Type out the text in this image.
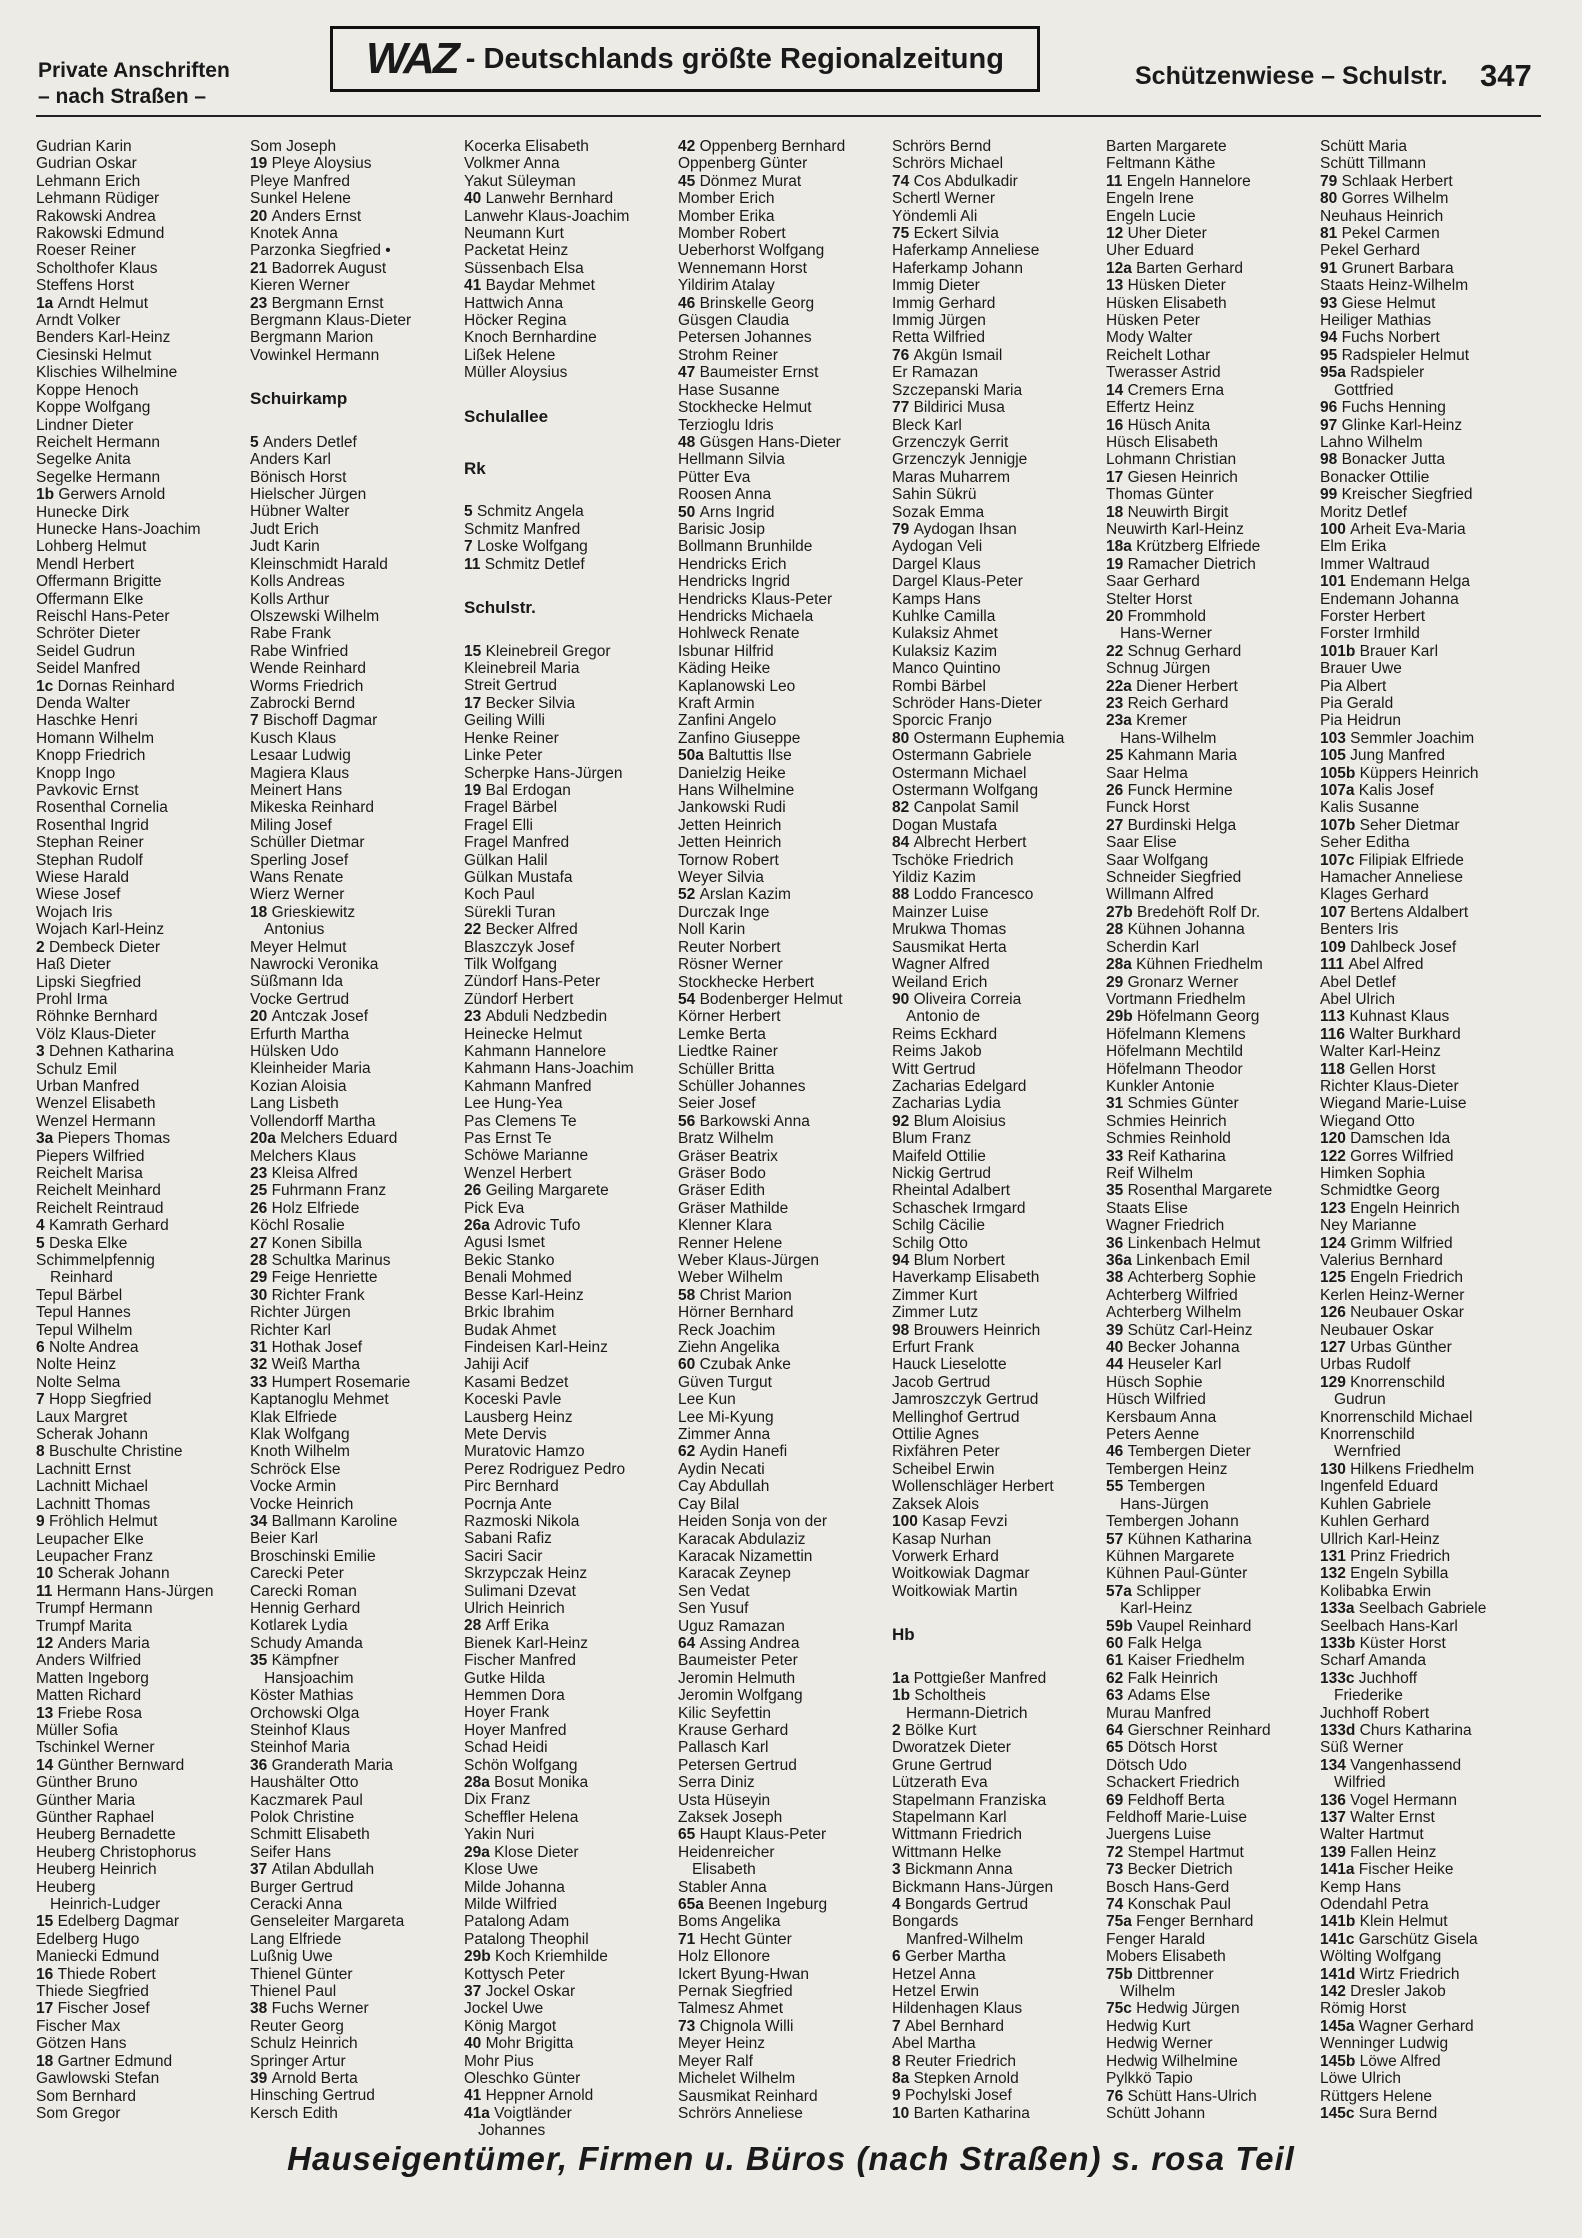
Private Anschriften
– nach Straßen –
WAZ - Deutschlands größte Regionalzeitung
Schützenwiese – Schulstr. 347
Gudrian Karin
Gudrian Oskar
Lehmann Erich
Lehmann Rüdiger
Rakowski Andrea
Rakowski Edmund
Roeser Reiner
Scholthofer Klaus
Steffens Horst
1a Arndt Helmut
Arndt Volker
Benders Karl-Heinz
Ciesinski Helmut
Klischies Wilhelmine
Koppe Henoch
Koppe Wolfgang
Lindner Dieter
Reichelt Hermann
Segelke Anita
Segelke Hermann
1b Gerwers Arnold
Hunecke Dirk
Hunecke Hans-Joachim
Lohberg Helmut
Mendl Herbert
Offermann Brigitte
Offermann Elke
Reischl Hans-Peter
Schröter Dieter
Seidel Gudrun
Seidel Manfred
1c Dornas Reinhard
Denda Walter
Haschke Henri
Homann Wilhelm
Knopp Friedrich
Knopp Ingo
Pavkovic Ernst
Rosenthal Cornelia
Rosenthal Ingrid
Stephan Reiner
Stephan Rudolf
Wiese Harald
Wiese Josef
Wojach Iris
Wojach Karl-Heinz
2 Dembeck Dieter
Haß Dieter
Lipski Siegfried
Prohl Irma
Röhnke Bernhard
Völz Klaus-Dieter
3 Dehnen Katharina
Schulz Emil
Urban Manfred
Wenzel Elisabeth
Wenzel Hermann
3a Piepers Thomas
Piepers Wilfried
Reichelt Marisa
Reichelt Meinhard
Reichelt Reintraud
4 Kamrath Gerhard
5 Deska Elke
Schimmelpfennig
Reinhard
Tepul Bärbel
Tepul Hannes
Tepul Wilhelm
6 Nolte Andrea
Nolte Heinz
Nolte Selma
7 Hopp Siegfried
Laux Margret
Scherak Johann
8 Buschulte Christine
Lachnitt Ernst
Lachnitt Michael
Lachnitt Thomas
9 Fröhlich Helmut
Leupacher Elke
Leupacher Franz
10 Scherak Johann
11 Hermann Hans-Jürgen
Trumpf Hermann
Trumpf Marita
12 Anders Maria
Anders Wilfried
Matten Ingeborg
Matten Richard
13 Friebe Rosa
Müller Sofia
Tschinkel Werner
14 Günther Bernward
Günther Bruno
Günther Maria
Günther Raphael
Heuberg Bernadette
Heuberg Christophorus
Heuberg Heinrich
Heuberg
Heinrich-Ludger
15 Edelberg Dagmar
Edelberg Hugo
Maniecki Edmund
16 Thiede Robert
Thiede Siegfried
17 Fischer Josef
Fischer Max
Götzen Hans
18 Gartner Edmund
Gawlowski Stefan
Som Bernhard
Som Gregor
Som Joseph
19 Pleye Aloysius
Pleye Manfred
Sunkel Helene
20 Anders Ernst
Knotek Anna
Parzonka Siegfried •
21 Badorrek August
Kieren Werner
23 Bergmann Ernst
Bergmann Klaus-Dieter
Bergmann Marion
Vowinkel Hermann
Schuirkamp
5 Anders Detlef
Anders Karl
Bönisch Horst
Hielscher Jürgen
Hübner Walter
Judt Erich
Judt Karin
Kleinschmidt Harald
Kolls Andreas
Kolls Arthur
Olszewski Wilhelm
Rabe Frank
Rabe Winfried
Wende Reinhard
Worms Friedrich
Zabrocki Bernd
7 Bischoff Dagmar
Kusch Klaus
Lesaar Ludwig
Magiera Klaus
Meinert Hans
Mikeska Reinhard
Miling Josef
Schüller Dietmar
Sperling Josef
Wans Renate
Wierz Werner
18 Grieskiewitz
Antonius
Meyer Helmut
Nawrocki Veronika
Süßmann Ida
Vocke Gertrud
20 Antczak Josef
Erfurth Martha
Hülsken Udo
Kleinheider Maria
Kozian Aloisia
Lang Lisbeth
Vollendorff Martha
20a Melchers Eduard
Melchers Klaus
23 Kleisa Alfred
25 Fuhrmann Franz
26 Holz Elfriede
Köchl Rosalie
27 Konen Sibilla
28 Schultka Marinus
29 Feige Henriette
30 Richter Frank
Richter Jürgen
Richter Karl
31 Hothak Josef
32 Weiß Martha
33 Humpert Rosemarie
Kaptanoglu Mehmet
Klak Elfriede
Klak Wolfgang
Knoth Wilhelm
Schröck Else
Vocke Armin
Vocke Heinrich
34 Ballmann Karoline
Beier Karl
Broschinski Emilie
Carecki Peter
Carecki Roman
Hennig Gerhard
Kotlarek Lydia
Schudy Amanda
35 Kämpfner
Hansjoachim
Köster Mathias
Orchowski Olga
Steinhof Klaus
Steinhof Maria
36 Granderath Maria
Haushälter Otto
Kaczmarek Paul
Polok Christine
Schmitt Elisabeth
Seifer Hans
37 Atilan Abdullah
Burger Gertrud
Ceracki Anna
Genseleiter Margareta
Lang Elfriede
Lußnig Uwe
Thienel Günter
Thienel Paul
38 Fuchs Werner
Reuter Georg
Schulz Heinrich
Springer Artur
39 Arnold Berta
Hinsching Gertrud
Kersch Edith
Kocerka Elisabeth
Volkmer Anna
Yakut Süleyman
40 Lanwehr Bernhard
Lanwehr Klaus-Joachim
Neumann Kurt
Packetat Heinz
Süssenbach Elsa
41 Baydar Mehmet
Hattwich Anna
Höcker Regina
Knoch Bernhardine
Lißek Helene
Müller Aloysius
Schulallee
Rk
5 Schmitz Angela
Schmitz Manfred
7 Loske Wolfgang
11 Schmitz Detlef
Schulstr.
15 Kleinebreil Gregor
Kleinebreil Maria
Streit Gertrud
17 Becker Silvia
Geiling Willi
Henke Reiner
Linke Peter
Scherpke Hans-Jürgen
19 Bal Erdogan
Fragel Bärbel
Fragel Elli
Fragel Manfred
Gülkan Halil
Gülkan Mustafa
Koch Paul
Sürekli Turan
22 Becker Alfred
Blaszczyk Josef
Tilk Wolfgang
Zündorf Hans-Peter
Zündorf Herbert
23 Abduli Nedzbedin
Heinecke Helmut
Kahmann Hannelore
Kahmann Hans-Joachim
Kahmann Manfred
Lee Hung-Yea
Pas Clemens Te
Pas Ernst Te
Schöwe Marianne
Wenzel Herbert
26 Geiling Margarete
Pick Eva
26a Adrovic Tufo
Agusi Ismet
Bekic Stanko
Benali Mohmed
Besse Karl-Heinz
Brkic Ibrahim
Budak Ahmet
Findeisen Karl-Heinz
Jahiji Acif
Kasami Bedzet
Koceski Pavle
Lausberg Heinz
Mete Dervis
Muratovic Hamzo
Perez Rodriguez Pedro
Pirc Bernhard
Pocrnja Ante
Razmoski Nikola
Sabani Rafiz
Saciri Sacir
Skrzypczak Heinz
Sulimani Dzevat
Ulrich Heinrich
28 Arff Erika
Bienek Karl-Heinz
Fischer Manfred
Gutke Hilda
Hemmen Dora
Hoyer Frank
Hoyer Manfred
Schad Heidi
Schön Wolfgang
28a Bosut Monika
Dix Franz
Scheffler Helena
Yakin Nuri
29a Klose Dieter
Klose Uwe
Milde Johanna
Milde Wilfried
Patalong Adam
Patalong Theophil
29b Koch Kriemhilde
Kottysch Peter
37 Jockel Oskar
Jockel Uwe
König Margot
40 Mohr Brigitta
Mohr Pius
Oleschko Günter
41 Heppner Arnold
41a Voigtländer
Johannes
42 Oppenberg Bernhard
Oppenberg Günter
45 Dönmez Murat
Momber Erich
Momber Erika
Momber Robert
Ueberhorst Wolfgang
Wennemann Horst
Yildirim Atalay
46 Brinskelle Georg
Güsgen Claudia
Petersen Johannes
Strohm Reiner
47 Baumeister Ernst
Hase Susanne
Stockhecke Helmut
Terzioglu Idris
48 Güsgen Hans-Dieter
Hellmann Silvia
Pütter Eva
Roosen Anna
50 Arns Ingrid
Barisic Josip
Bollmann Brunhilde
Hendricks Erich
Hendricks Ingrid
Hendricks Klaus-Peter
Hendricks Michaela
Hohlweck Renate
Isbunar Hilfrid
Käding Heike
Kaplanowski Leo
Kraft Armin
Zanfini Angelo
Zanfino Giuseppe
50a Baltuttis Ilse
Danielzig Heike
Hans Wilhelmine
Jankowski Rudi
Jetten Heinrich
Jetten Heinrich
Tornow Robert
Weyer Silvia
52 Arslan Kazim
Durczak Inge
Noll Karin
Reuter Norbert
Rösner Werner
Stockhecke Herbert
54 Bodenberger Helmut
Körner Herbert
Lemke Berta
Liedtke Rainer
Schüller Britta
Schüller Johannes
Seier Josef
56 Barkowski Anna
Bratz Wilhelm
Gräser Beatrix
Gräser Bodo
Gräser Edith
Gräser Mathilde
Klenner Klara
Renner Helene
Weber Klaus-Jürgen
Weber Wilhelm
58 Christ Marion
Hörner Bernhard
Reck Joachim
Ziehn Angelika
60 Czubak Anke
Güven Turgut
Lee Kun
Lee Mi-Kyung
Zimmer Anna
62 Aydin Hanefi
Aydin Necati
Cay Abdullah
Cay Bilal
Heiden Sonja von der
Karacak Abdulaziz
Karacak Nizamettin
Karacak Zeynep
Sen Vedat
Sen Yusuf
Uguz Ramazan
64 Assing Andrea
Baumeister Peter
Jeromin Helmuth
Jeromin Wolfgang
Kilic Seyfettin
Krause Gerhard
Pallasch Karl
Petersen Gertrud
Serra Diniz
Usta Hüseyin
Zaksek Joseph
65 Haupt Klaus-Peter
Heidenreicher
Elisabeth
Stabler Anna
65a Beenen Ingeburg
Boms Angelika
71 Hecht Günter
Holz Ellonore
Ickert Byung-Hwan
Pernak Siegfried
Talmesz Ahmet
73 Chignola Willi
Meyer Heinz
Meyer Ralf
Michelet Wilhelm
Sausmikat Reinhard
Schrörs Anneliese
Schrörs Bernd
Schrörs Michael
74 Cos Abdulkadir
Schertl Werner
Yöndemli Ali
75 Eckert Silvia
Haferkamp Anneliese
Haferkamp Johann
Immig Dieter
Immig Gerhard
Immig Jürgen
Retta Wilfried
76 Akgün Ismail
Er Ramazan
Szczepanski Maria
77 Bildirici Musa
Bleck Karl
Grzenczyk Gerrit
Grzenczyk Jennigje
Maras Muharrem
Sahin Sükrü
Sozak Emma
79 Aydogan Ihsan
Aydogan Veli
Dargel Klaus
Dargel Klaus-Peter
Kamps Hans
Kuhlke Camilla
Kulaksiz Ahmet
Kulaksiz Kazim
Manco Quintino
Rombi Bärbel
Schröder Hans-Dieter
Sporcic Franjo
80 Ostermann Euphemia
Ostermann Gabriele
Ostermann Michael
Ostermann Wolfgang
82 Canpolat Samil
Dogan Mustafa
84 Albrecht Herbert
Tschöke Friedrich
Yildiz Kazim
88 Loddo Francesco
Mainzer Luise
Mrukwa Thomas
Sausmikat Herta
Wagner Alfred
Weiland Erich
90 Oliveira Correia
Antonio de
Reims Eckhard
Reims Jakob
Witt Gertrud
Zacharias Edelgard
Zacharias Lydia
92 Blum Aloisius
Blum Franz
Maifeld Ottilie
Nickig Gertrud
Rheintal Adalbert
Schaschek Irmgard
Schilg Cäcilie
Schilg Otto
94 Blum Norbert
Haverkamp Elisabeth
Zimmer Kurt
Zimmer Lutz
98 Brouwers Heinrich
Erfurt Frank
Hauck Lieselotte
Jacob Gertrud
Jamroszczyk Gertrud
Mellinghof Gertrud
Ottilie Agnes
Rixfähren Peter
Scheibel Erwin
Wollenschläger Herbert
Zaksek Alois
100 Kasap Fevzi
Kasap Nurhan
Vorwerk Erhard
Woitkowiak Dagmar
Woitkowiak Martin
Hb
1a Pottgießer Manfred
1b Scholtheis
Hermann-Dietrich
2 Bölke Kurt
Dworatzek Dieter
Grune Gertrud
Lützerath Eva
Stapelmann Franziska
Stapelmann Karl
Wittmann Friedrich
Wittmann Helke
3 Bickmann Anna
Bickmann Hans-Jürgen
4 Bongards Gertrud
Bongards
Manfred-Wilhelm
6 Gerber Martha
Hetzel Anna
Hetzel Erwin
Hildenhagen Klaus
7 Abel Bernhard
Abel Martha
8 Reuter Friedrich
8a Stepken Arnold
9 Pochylski Josef
10 Barten Katharina
Barten Margarete
Feltmann Käthe
11 Engeln Hannelore
Engeln Irene
Engeln Lucie
12 Uher Dieter
Uher Eduard
12a Barten Gerhard
13 Hüsken Dieter
Hüsken Elisabeth
Hüsken Peter
Mody Walter
Reichelt Lothar
Twerasser Astrid
14 Cremers Erna
Effertz Heinz
16 Hüsch Anita
Hüsch Elisabeth
Lohmann Christian
17 Giesen Heinrich
Thomas Günter
18 Neuwirth Birgit
Neuwirth Karl-Heinz
18a Krützberg Elfriede
19 Ramacher Dietrich
Saar Gerhard
Stelter Horst
20 Frommhold
Hans-Werner
22 Schnug Gerhard
Schnug Jürgen
22a Diener Herbert
23 Reich Gerhard
23a Kremer
Hans-Wilhelm
25 Kahmann Maria
Saar Helma
26 Funck Hermine
Funck Horst
27 Burdinski Helga
Saar Elise
Saar Wolfgang
Schneider Siegfried
Willmann Alfred
27b Bredehöft Rolf Dr.
28 Kühnen Johanna
Scherdin Karl
28a Kühnen Friedhelm
29 Gronarz Werner
Vortmann Friedhelm
29b Höfelmann Georg
Höfelmann Klemens
Höfelmann Mechtild
Höfelmann Theodor
Kunkler Antonie
31 Schmies Günter
Schmies Heinrich
Schmies Reinhold
33 Reif Katharina
Reif Wilhelm
35 Rosenthal Margarete
Staats Elise
Wagner Friedrich
36 Linkenbach Helmut
36a Linkenbach Emil
38 Achterberg Sophie
Achterberg Wilfried
Achterberg Wilhelm
39 Schütz Carl-Heinz
40 Becker Johanna
44 Heuseler Karl
Hüsch Sophie
Hüsch Wilfried
Kersbaum Anna
Peters Aenne
46 Tembergen Dieter
Tembergen Heinz
55 Tembergen
Hans-Jürgen
Tembergen Johann
57 Kühnen Katharina
Kühnen Margarete
Kühnen Paul-Günter
57a Schlipper
Karl-Heinz
59b Vaupel Reinhard
60 Falk Helga
61 Kaiser Friedhelm
62 Falk Heinrich
63 Adams Else
Murau Manfred
64 Gierschner Reinhard
65 Dötsch Horst
Dötsch Udo
Schackert Friedrich
69 Feldhoff Berta
Feldhoff Marie-Luise
Juergens Luise
72 Stempel Hartmut
73 Becker Dietrich
Bosch Hans-Gerd
74 Konschak Paul
75a Fenger Bernhard
Fenger Harald
Mobers Elisabeth
75b Dittbrenner
Wilhelm
75c Hedwig Jürgen
Hedwig Kurt
Hedwig Werner
Hedwig Wilhelmine
Pylkkö Tapio
76 Schütt Hans-Ulrich
Schütt Johann
Schütt Maria
Schütt Tillmann
79 Schlaak Herbert
80 Gorres Wilhelm
Neuhaus Heinrich
81 Pekel Carmen
Pekel Gerhard
91 Grunert Barbara
Staats Heinz-Wilhelm
93 Giese Helmut
Heiliger Mathias
94 Fuchs Norbert
95 Radspieler Helmut
95a Radspieler
Gottfried
96 Fuchs Henning
97 Glinke Karl-Heinz
Lahno Wilhelm
98 Bonacker Jutta
Bonacker Ottilie
99 Kreischer Siegfried
Moritz Detlef
100 Arheit Eva-Maria
Elm Erika
Immer Waltraud
101 Endemann Helga
Endemann Johanna
Forster Herbert
Forster Irmhild
101b Brauer Karl
Brauer Uwe
Pia Albert
Pia Gerald
Pia Heidrun
103 Semmler Joachim
105 Jung Manfred
105b Küppers Heinrich
107a Kalis Josef
Kalis Susanne
107b Seher Dietmar
Seher Editha
107c Filipiak Elfriede
Hamacher Anneliese
Klages Gerhard
107 Bertens Aldalbert
Benters Iris
109 Dahlbeck Josef
111 Abel Alfred
Abel Detlef
Abel Ulrich
113 Kuhnast Klaus
116 Walter Burkhard
Walter Karl-Heinz
118 Gellen Horst
Richter Klaus-Dieter
Wiegand Marie-Luise
Wiegand Otto
120 Damschen Ida
122 Gorres Wilfried
Himken Sophia
Schmidtke Georg
123 Engeln Heinrich
Ney Marianne
124 Grimm Wilfried
Valerius Bernhard
125 Engeln Friedrich
Kerlen Heinz-Werner
126 Neubauer Oskar
Neubauer Oskar
127 Urbas Günther
Urbas Rudolf
129 Knorrenschild
Gudrun
Knorrenschild Michael
Knorrenschild
Wernfried
130 Hilkens Friedhelm
Ingenfeld Eduard
Kuhlen Gabriele
Kuhlen Gerhard
Ullrich Karl-Heinz
131 Prinz Friedrich
132 Engeln Sybilla
Kolibabka Erwin
133a Seelbach Gabriele
Seelbach Hans-Karl
133b Küster Horst
Scharf Amanda
133c Juchhoff
Friederike
Juchhoff Robert
133d Churs Katharina
Süß Werner
134 Vangenhassend
Wilfried
136 Vogel Hermann
137 Walter Ernst
Walter Hartmut
139 Fallen Heinz
141a Fischer Heike
Kemp Hans
Odendahl Petra
141b Klein Helmut
141c Garschütz Gisela
Wölting Wolfgang
141d Wirtz Friedrich
142 Dresler Jakob
Römig Horst
145a Wagner Gerhard
Wenninger Ludwig
145b Löwe Alfred
Löwe Ulrich
Rüttgers Helene
145c Sura Bernd
Hauseigentümer, Firmen u. Büros (nach Straßen) s. rosa Teil
